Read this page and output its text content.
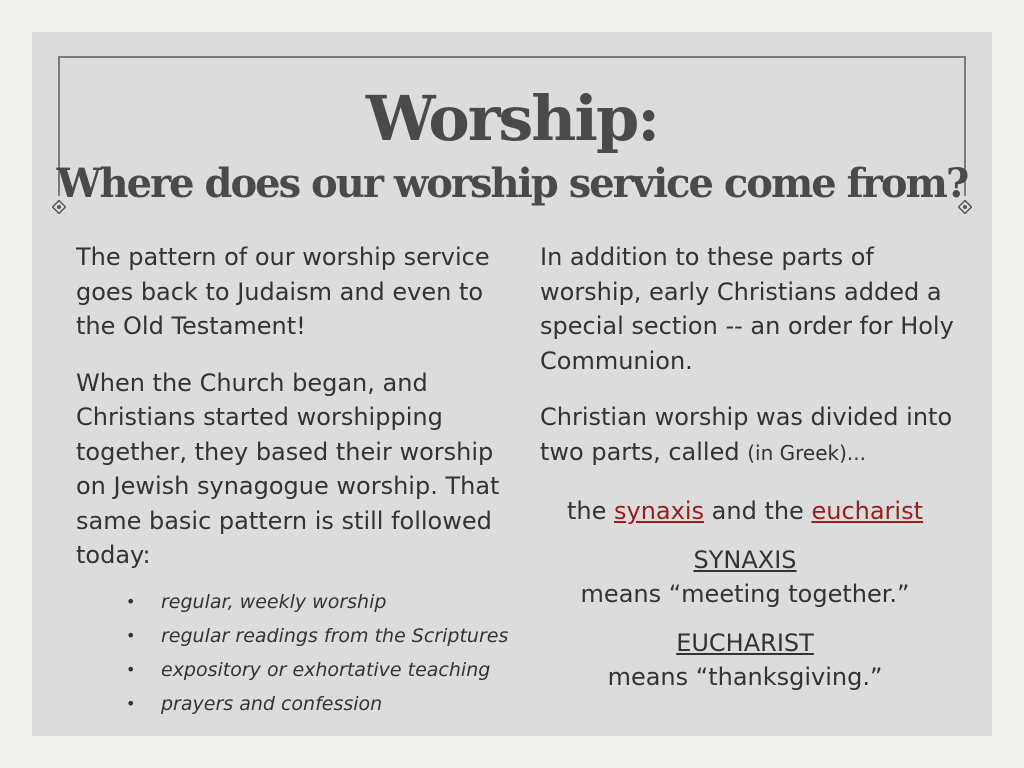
Worship:
Where does our worship service come from?

The pattern of our worship service goes back to Judaism and even to the Old Testament!

When the Church began, and Christians started worshipping together, they based their worship on Jewish synagogue worship. That same basic pattern is still followed today:

• regular, weekly worship
• regular readings from the Scriptures
• expository or exhortative teaching
• prayers and confession

In addition to these parts of worship, early Christians added a special section -- an order for Holy Communion.

Christian worship was divided into two parts, called (in Greek)...

the synaxis and the eucharist

SYNAXIS

means “meeting together.”

EUCHARIST

means “thanksgiving.”
